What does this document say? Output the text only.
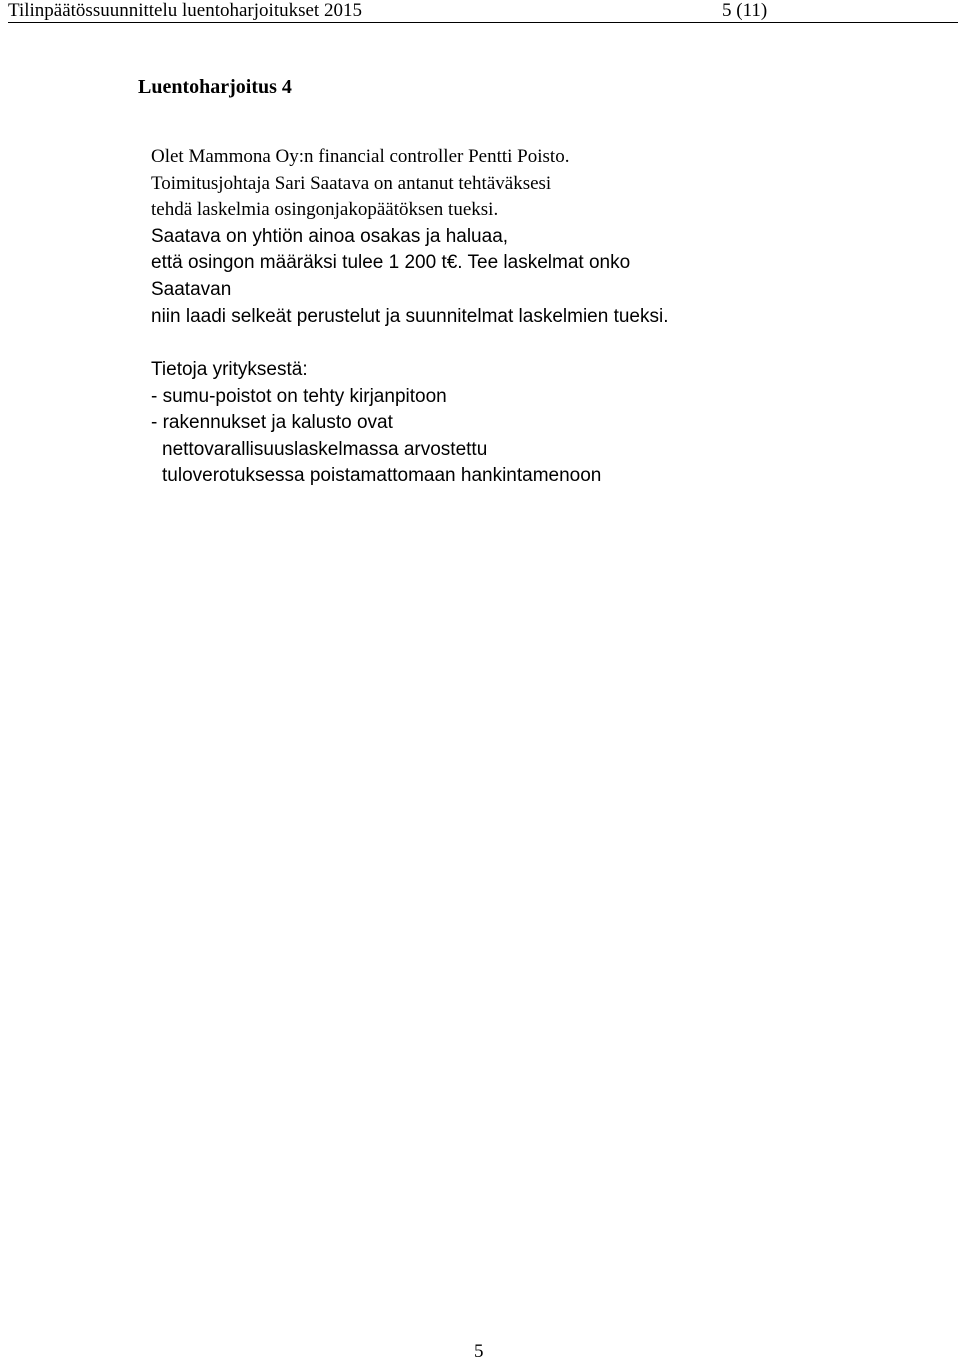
Tilinpäätössuunnittelu luentoharjoitukset 2015	5 (11)
Luentoharjoitus 4
Olet Mammona Oy:n financial controller Pentti Poisto.
Toimitusjohtaja Sari Saatava on antanut tehtäväksesi
tehdä laskelmia osingonjakopäätöksen tueksi.
Saatava on yhtiön ainoa osakas ja haluaa,
että osingon määräksi tulee 1 200 t€. Tee laskelmat onko
Saatavan
niin laadi selkeät perustelut ja suunnitelmat laskelmien tueksi.
Tietoja yrityksestä:
- sumu-poistot on tehty kirjanpitoon
- rakennukset ja kalusto ovat
nettovarallisuuslaskelmassa arvostettu
tuloverotuksessa poistamattomaan hankintamenoon
5
